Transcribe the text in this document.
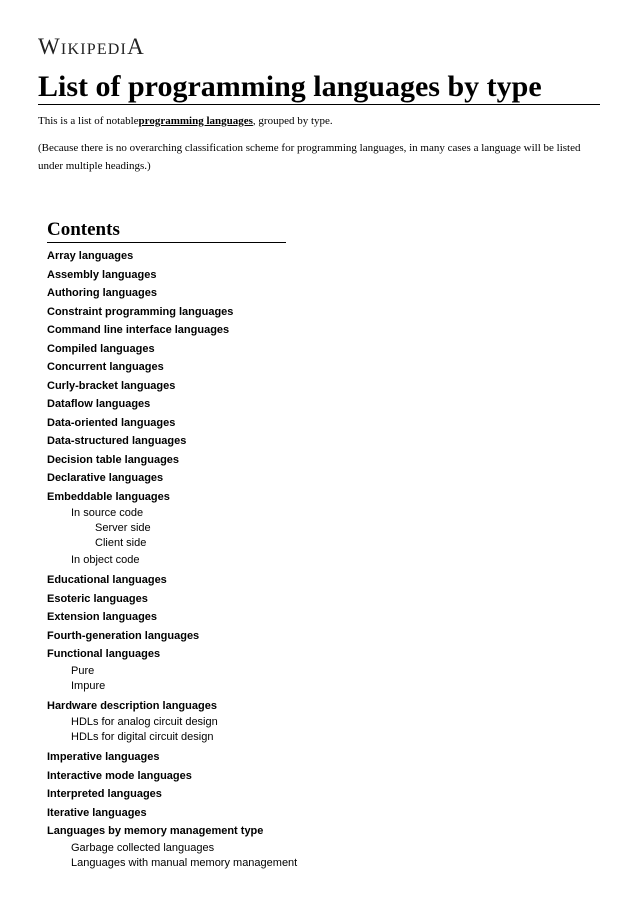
WIKIPEDIA
List of programming languages by type

This is a list of notableprogramming languages, grouped by type.

(Because there is no overarching classification scheme for programming languages, in many cases a language will be listed under multiple headings.)

Contents
Array languages
Assembly languages
Authoring languages
Constraint programming languages
Command line interface languages
Compiled languages
Concurrent languages
Curly-bracket languages
Dataflow languages
Data-oriented languages
Data-structured languages
Decision table languages
Declarative languages
Embeddable languages
In source code
Server side
Client side
In object code
Educational languages
Esoteric languages
Extension languages
Fourth-generation languages
Functional languages
Pure
Impure
Hardware description languages
HDLs for analog circuit design
HDLs for digital circuit design
Imperative languages
Interactive mode languages
Interpreted languages
Iterative languages
Languages by memory management type
Garbage collected languages
Languages with manual memory management
